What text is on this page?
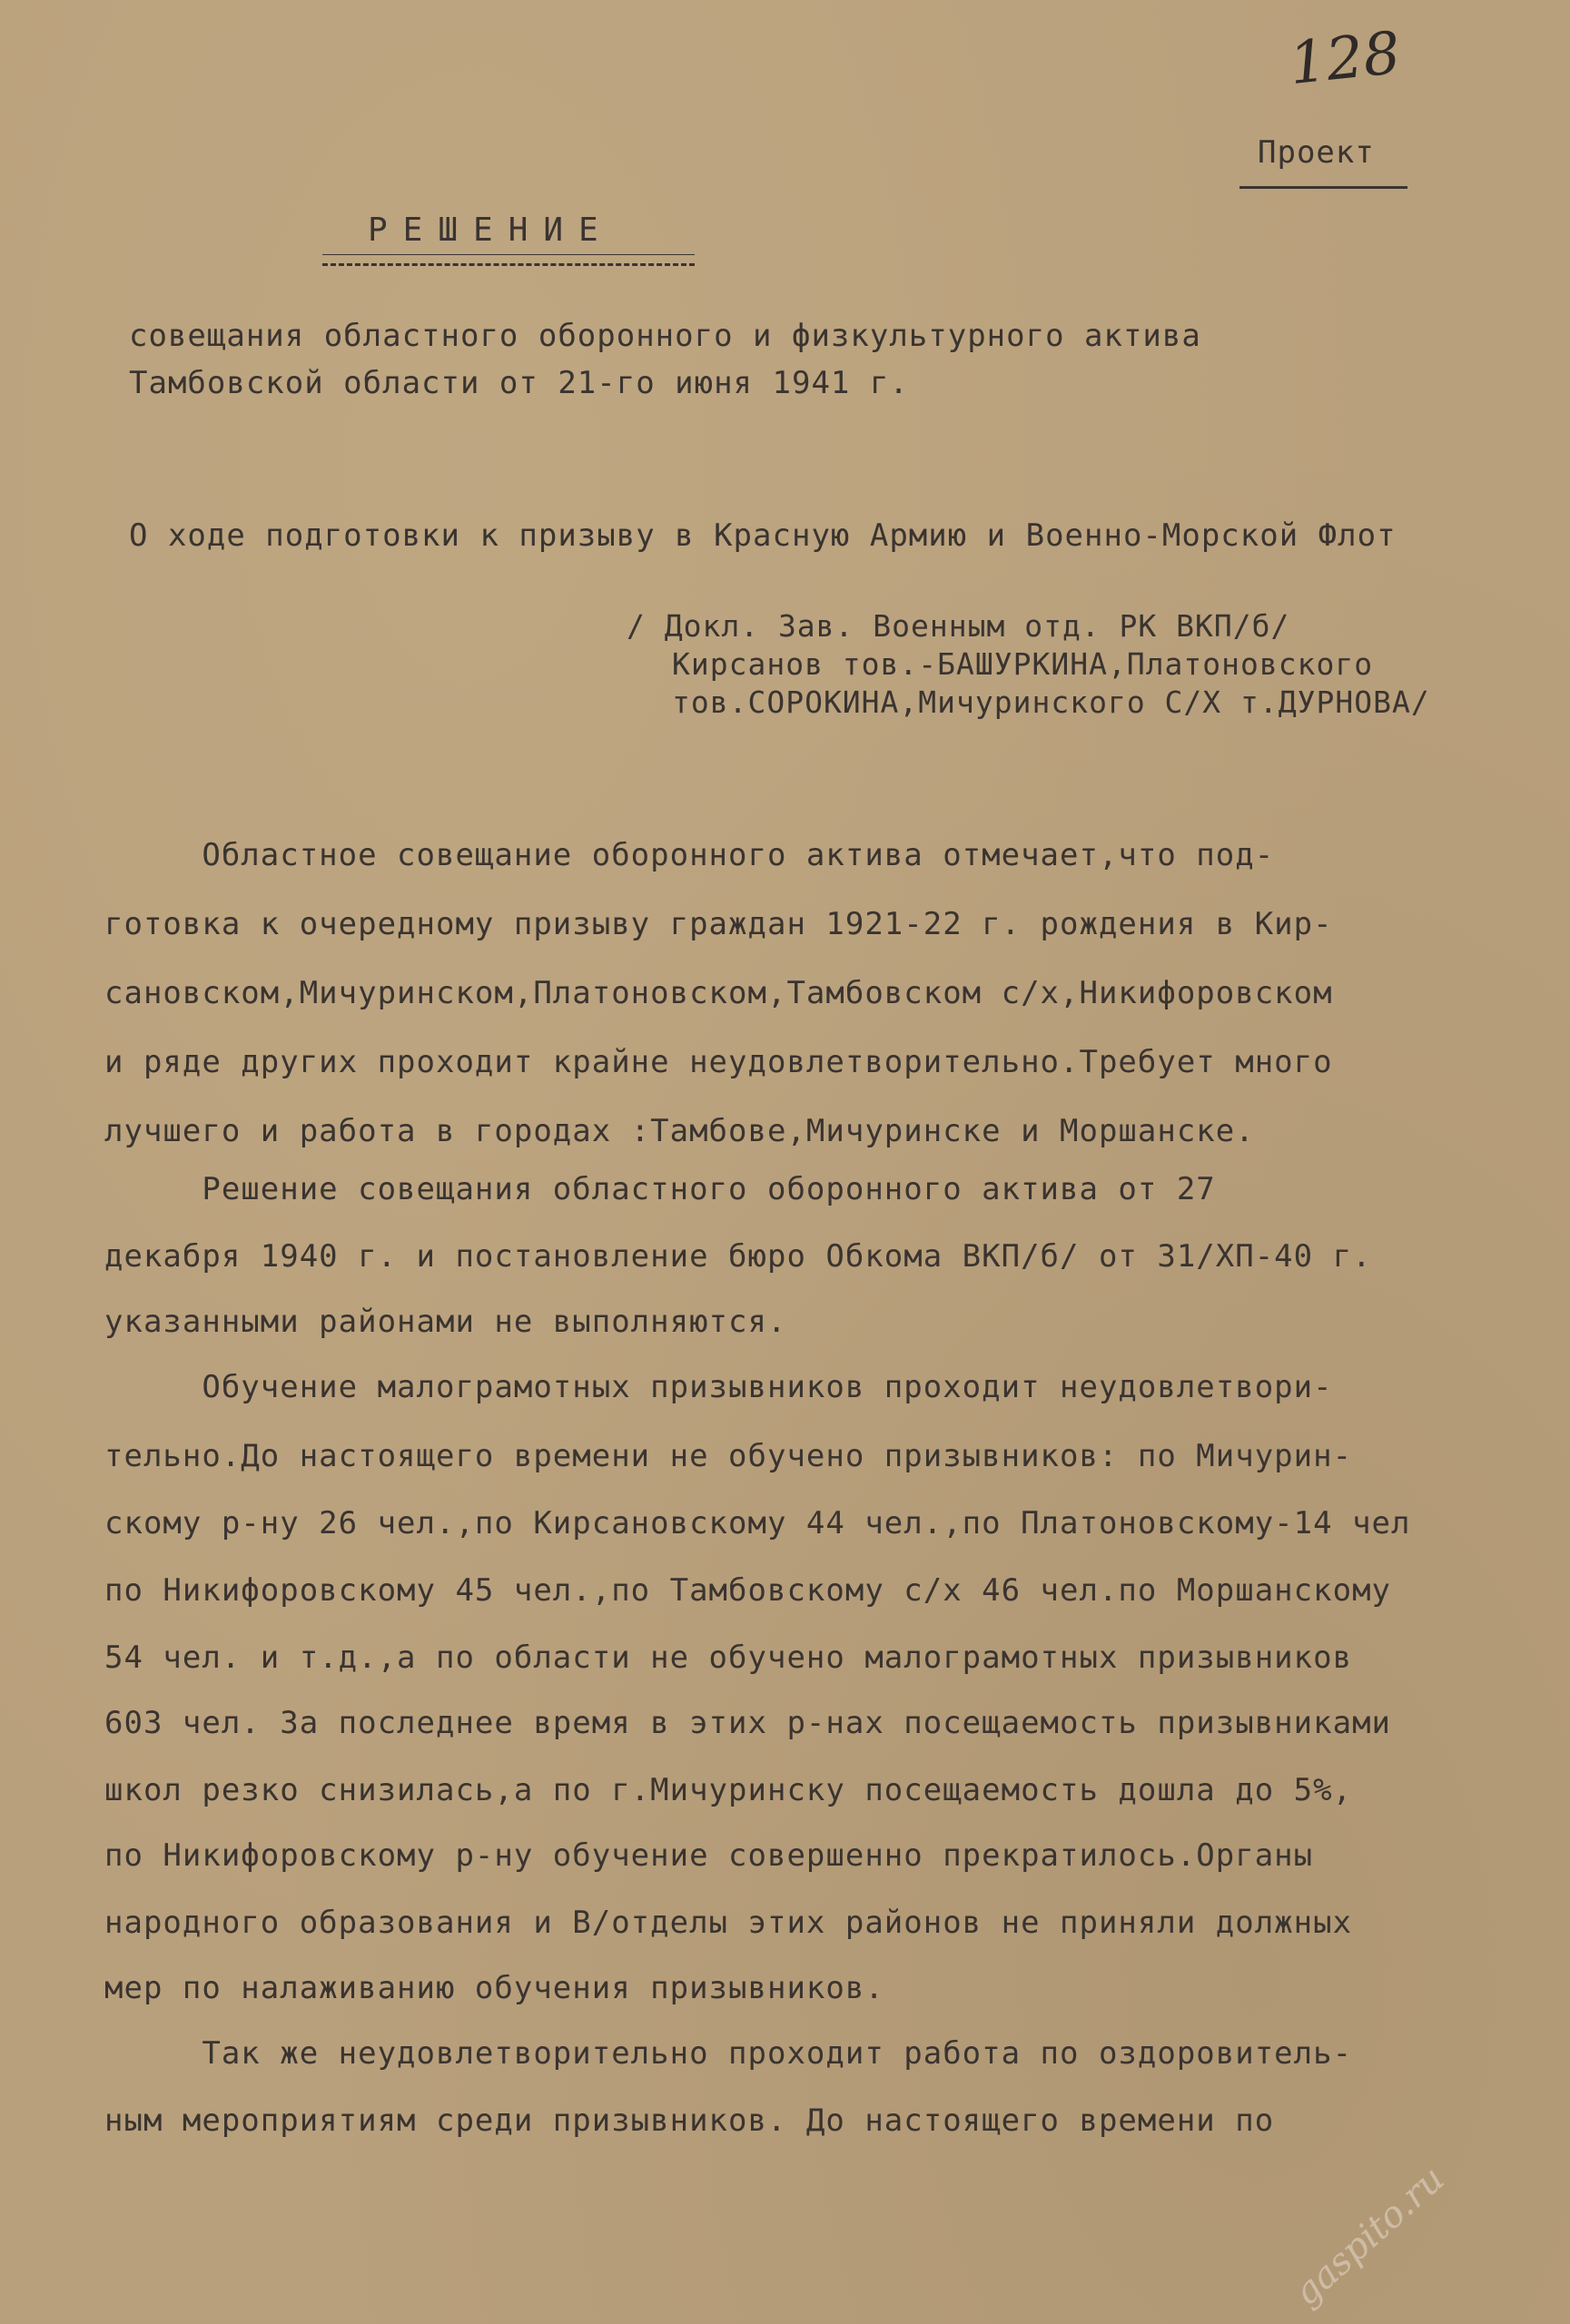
128
Проект
РЕШЕНИЕ
совещания областного оборонного и физкультурного актива
Тамбовской области от 21-го июня 1941 г.
О ходе подготовки к призыву в Красную Армию и Военно-Морской Флот
/ Докл. Зав. Военным отд. РК ВКП/б/
Кирсанов тов.-БАШУРКИНА,Платоновского
тов.СОРОКИНА,Мичуринского С/Х т.ДУРНОВА/
Областное совещание оборонного актива отмечает,что под-
готовка к очередному призыву граждан 1921-22 г. рождения в Кир-
сановском,Мичуринском,Платоновском,Тамбовском с/х,Никифоровском
и ряде других проходит крайне неудовлетворительно.Требует много
лучшего и работа в городах :Тамбове,Мичуринске и Моршанске.
Решение совещания областного оборонного актива от 27
декабря 1940 г. и постановление бюро Обкома ВКП/б/ от 31/ХП-40 г.
указанными районами не выполняются.
Обучение малограмотных призывников проходит неудовлетвори-
тельно.До настоящего времени не обучено призывников: по Мичурин-
скому р-ну 26 чел.,по Кирсановскому 44 чел.,по Платоновскому-14 чел
по Никифоровскому 45 чел.,по Тамбовскому с/х 46 чел.по Моршанскому
54 чел. и т.д.,а по области не обучено малограмотных призывников
603 чел. За последнее время в этих р-нах посещаемость призывниками
школ резко снизилась,а по г.Мичуринску посещаемость дошла до 5%,
по Никифоровскому р-ну обучение совершенно прекратилось.Органы
народного образования и В/отделы этих районов не приняли должных
мер по налаживанию обучения призывников.
Так же неудовлетворительно проходит работа по оздоровитель-
ным мероприятиям среди призывников. До настоящего времени по
gaspito.ru
